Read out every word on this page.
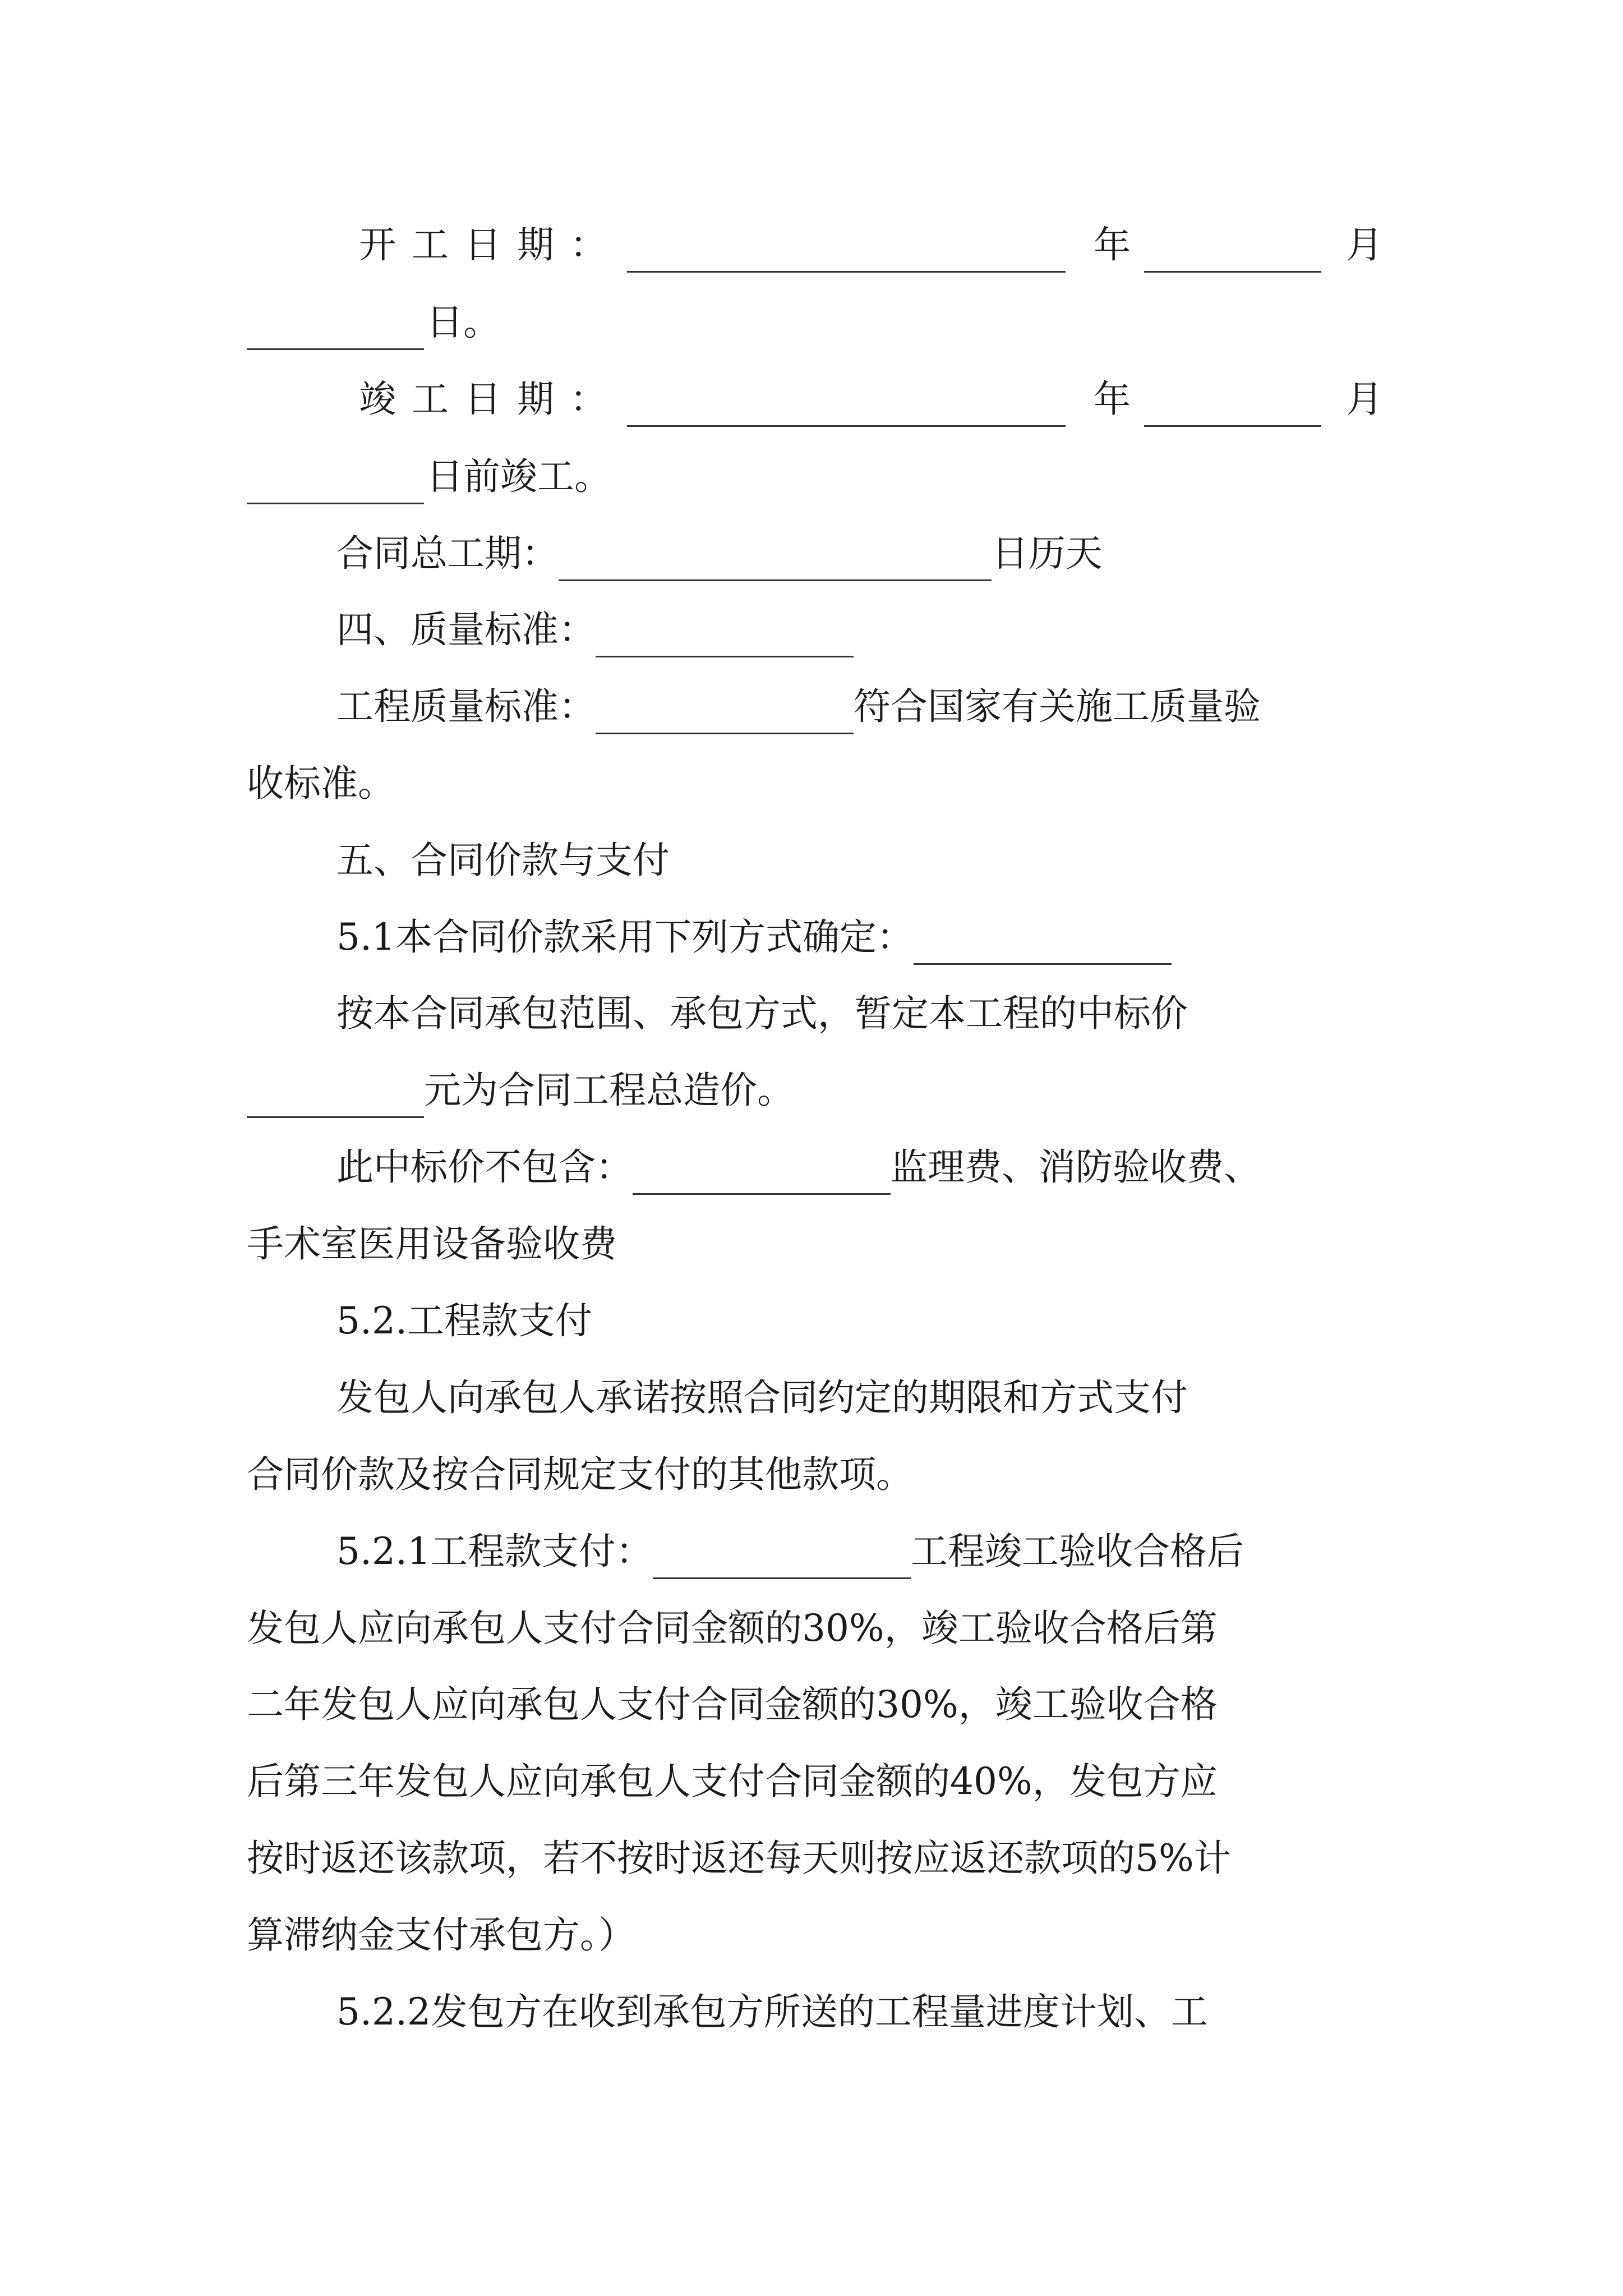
开工日期：	年	月
日。
竣工日期：	年	月
日前竣工。
合同总工期：	日历天
四、质量标准：
工程质量标准：	符合国家有关施工质量验
收标准。
五、合同价款与支付
5.1本合同价款采用下列方式确定：
按本合同承包范围、承包方式，暂定本工程的中标价
元为合同工程总造价。
此中标价不包含：	监理费、消防验收费、
手术室医用设备验收费
5.2.工程款支付
发包人向承包人承诺按照合同约定的期限和方式支付
合同价款及按合同规定支付的其他款项。
5.2.1工程款支付：	工程竣工验收合格后
发包人应向承包人支付合同金额的30%，竣工验收合格后第
二年发包人应向承包人支付合同金额的30%，竣工验收合格
后第三年发包人应向承包人支付合同金额的40%，发包方应
按时返还该款项，若不按时返还每天则按应返还款项的5%计
算滞纳金支付承包方。）
5.2.2发包方在收到承包方所送的工程量进度计划、工
